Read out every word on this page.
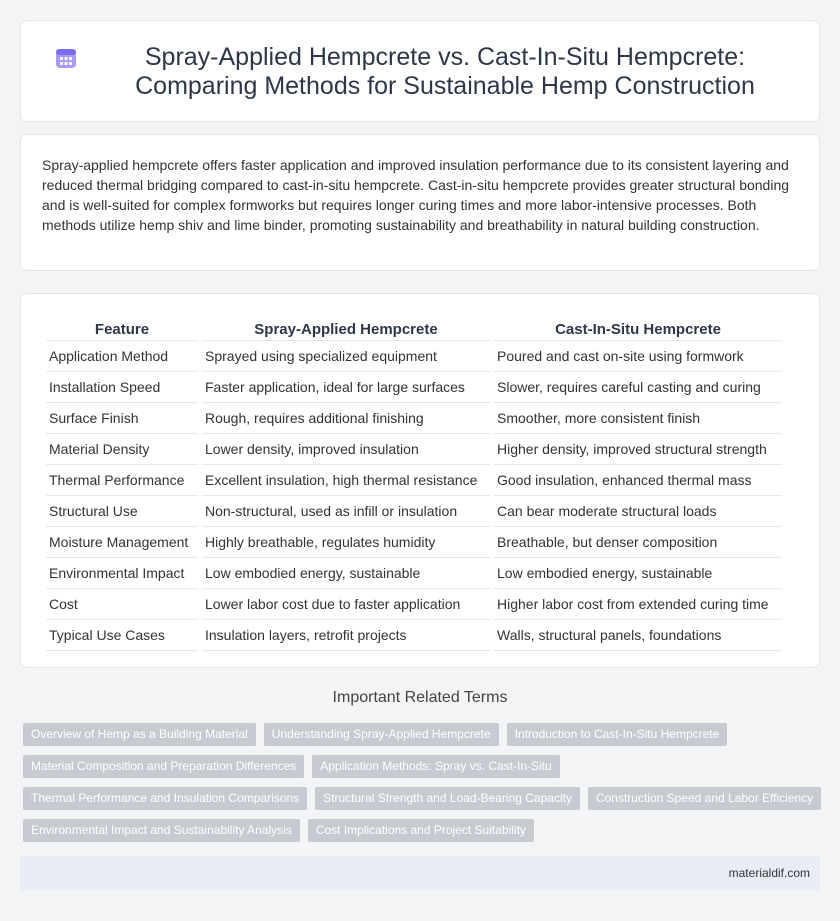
Spray-Applied Hempcrete vs. Cast-In-Situ Hempcrete: Comparing Methods for Sustainable Hemp Construction

Spray-applied hempcrete offers faster application and improved insulation performance due to its consistent layering and reduced thermal bridging compared to cast-in-situ hempcrete. Cast-in-situ hempcrete provides greater structural bonding and is well-suited for complex formworks but requires longer curing times and more labor-intensive processes. Both methods utilize hemp shiv and lime binder, promoting sustainability and breathability in natural building construction.

Feature	Spray-Applied Hempcrete	Cast-In-Situ Hempcrete
Application Method	Sprayed using specialized equipment	Poured and cast on-site using formwork
Installation Speed	Faster application, ideal for large surfaces	Slower, requires careful casting and curing
Surface Finish	Rough, requires additional finishing	Smoother, more consistent finish
Material Density	Lower density, improved insulation	Higher density, improved structural strength
Thermal Performance	Excellent insulation, high thermal resistance	Good insulation, enhanced thermal mass
Structural Use	Non-structural, used as infill or insulation	Can bear moderate structural loads
Moisture Management	Highly breathable, regulates humidity	Breathable, but denser composition
Environmental Impact	Low embodied energy, sustainable	Low embodied energy, sustainable
Cost	Lower labor cost due to faster application	Higher labor cost from extended curing time
Typical Use Cases	Insulation layers, retrofit projects	Walls, structural panels, foundations
Important Related Terms
Overview of Hemp as a Building Material	Understanding Spray-Applied Hempcrete	Introduction to Cast-In-Situ Hempcrete
Material Composition and Preparation Differences	Application Methods: Spray vs. Cast-In-Situ
Thermal Performance and Insulation Comparisons	Structural Strength and Load-Bearing Capacity	Construction Speed and Labor Efficiency
Environmental Impact and Sustainability Analysis	Cost Implications and Project Suitability
materialdif.com
